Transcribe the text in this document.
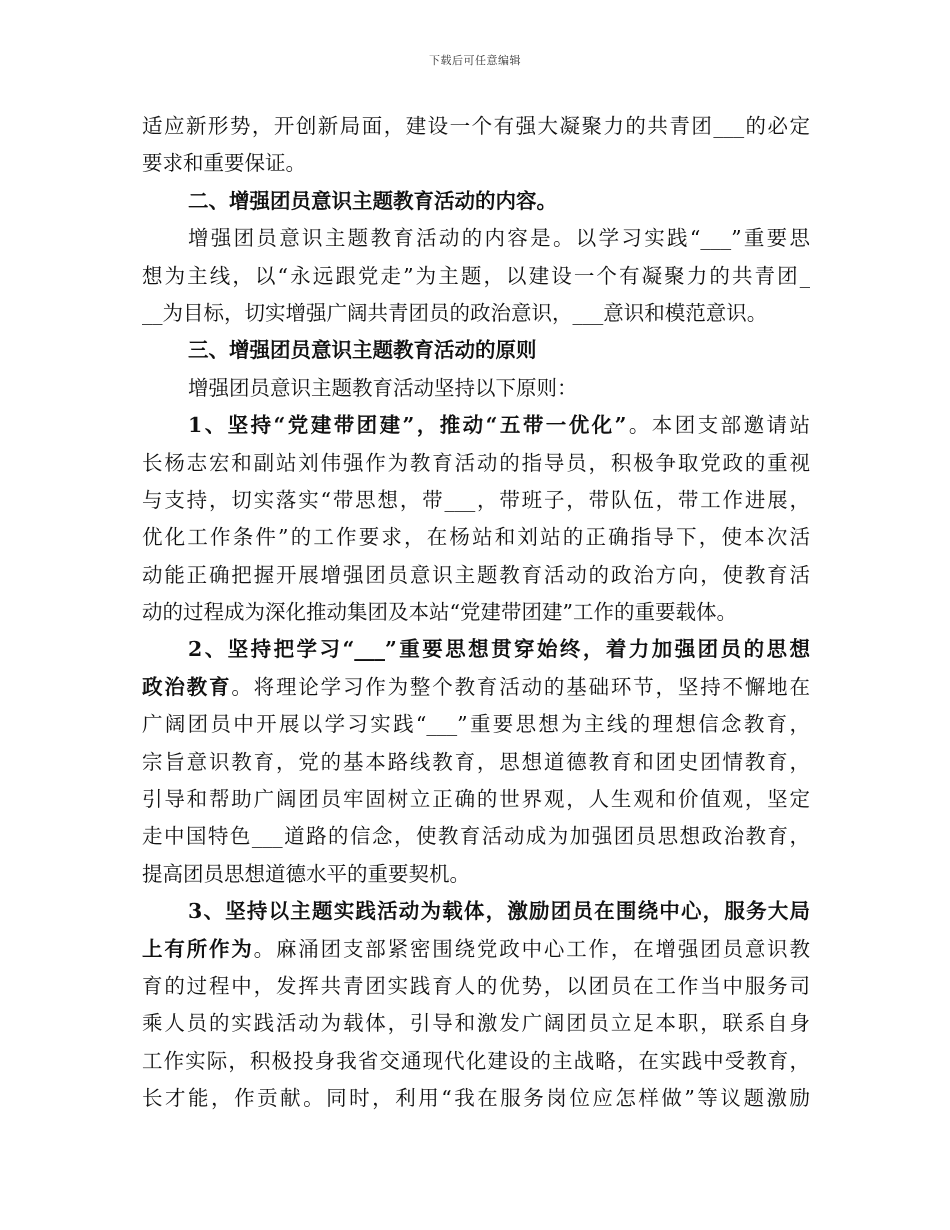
下载后可任意编辑
适应新形势，开创新局面，建设一个有强大凝聚力的共青团___的必定
要求和重要保证。
二、增强团员意识主题教育活动的内容。
增强团员意识主题教育活动的内容是。以学习实践“___”重要思
想为主线，以“永远跟党走”为主题，以建设一个有凝聚力的共青团_
__为目标，切实增强广阔共青团员的政治意识，___意识和模范意识。
三、增强团员意识主题教育活动的原则
增强团员意识主题教育活动坚持以下原则：
1、坚持“党建带团建”，推动“五带一优化”。本团支部邀请站
长杨志宏和副站刘伟强作为教育活动的指导员，积极争取党政的重视
与支持，切实落实“带思想，带___，带班子，带队伍，带工作进展，
优化工作条件”的工作要求，在杨站和刘站的正确指导下，使本次活
动能正确把握开展增强团员意识主题教育活动的政治方向，使教育活
动的过程成为深化推动集团及本站“党建带团建”工作的重要载体。
2、坚持把学习“___”重要思想贯穿始终，着力加强团员的思想
政治教育。将理论学习作为整个教育活动的基础环节，坚持不懈地在
广阔团员中开展以学习实践“___”重要思想为主线的理想信念教育，
宗旨意识教育，党的基本路线教育，思想道德教育和团史团情教育，
引导和帮助广阔团员牢固树立正确的世界观，人生观和价值观，坚定
走中国特色___道路的信念，使教育活动成为加强团员思想政治教育，
提高团员思想道德水平的重要契机。
3、坚持以主题实践活动为载体，激励团员在围绕中心，服务大局
上有所作为。麻涌团支部紧密围绕党政中心工作，在增强团员意识教
育的过程中，发挥共青团实践育人的优势，以团员在工作当中服务司
乘人员的实践活动为载体，引导和激发广阔团员立足本职，联系自身
工作实际，积极投身我省交通现代化建设的主战略，在实践中受教育，
长才能，作贡献。同时，利用“我在服务岗位应怎样做”等议题激励
